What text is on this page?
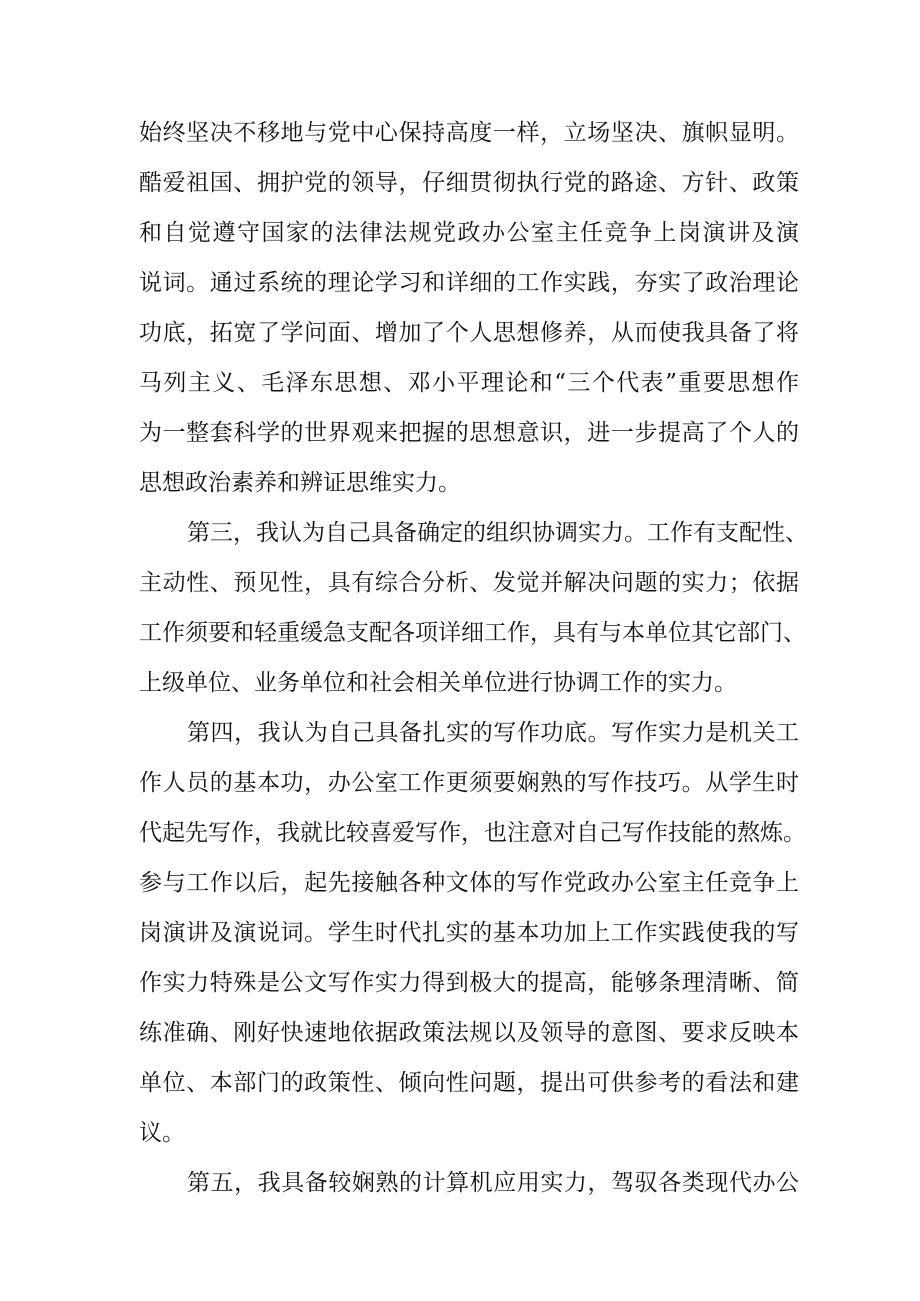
始终坚决不移地与党中心保持高度一样，立场坚决、旗帜显明。

酷爱祖国、拥护党的领导，仔细贯彻执行党的路途、方针、政策

和自觉遵守国家的法律法规党政办公室主任竞争上岗演讲及演

说词。通过系统的理论学习和详细的工作实践，夯实了政治理论

功底，拓宽了学问面、增加了个人思想修养，从而使我具备了将

马列主义、毛泽东思想、邓小平理论和“三个代表”重要思想作

为一整套科学的世界观来把握的思想意识，进一步提高了个人的

思想政治素养和辨证思维实力。

第三，我认为自己具备确定的组织协调实力。工作有支配性、

主动性、预见性，具有综合分析、发觉并解决问题的实力；依据

工作须要和轻重缓急支配各项详细工作，具有与本单位其它部门、

上级单位、业务单位和社会相关单位进行协调工作的实力。

第四，我认为自己具备扎实的写作功底。写作实力是机关工

作人员的基本功，办公室工作更须要娴熟的写作技巧。从学生时

代起先写作，我就比较喜爱写作，也注意对自己写作技能的熬炼。

参与工作以后，起先接触各种文体的写作党政办公室主任竞争上

岗演讲及演说词。学生时代扎实的基本功加上工作实践使我的写

作实力特殊是公文写作实力得到极大的提高，能够条理清晰、简

练准确、刚好快速地依据政策法规以及领导的意图、要求反映本

单位、本部门的政策性、倾向性问题，提出可供参考的看法和建

议。

第五，我具备较娴熟的计算机应用实力，驾驭各类现代办公
